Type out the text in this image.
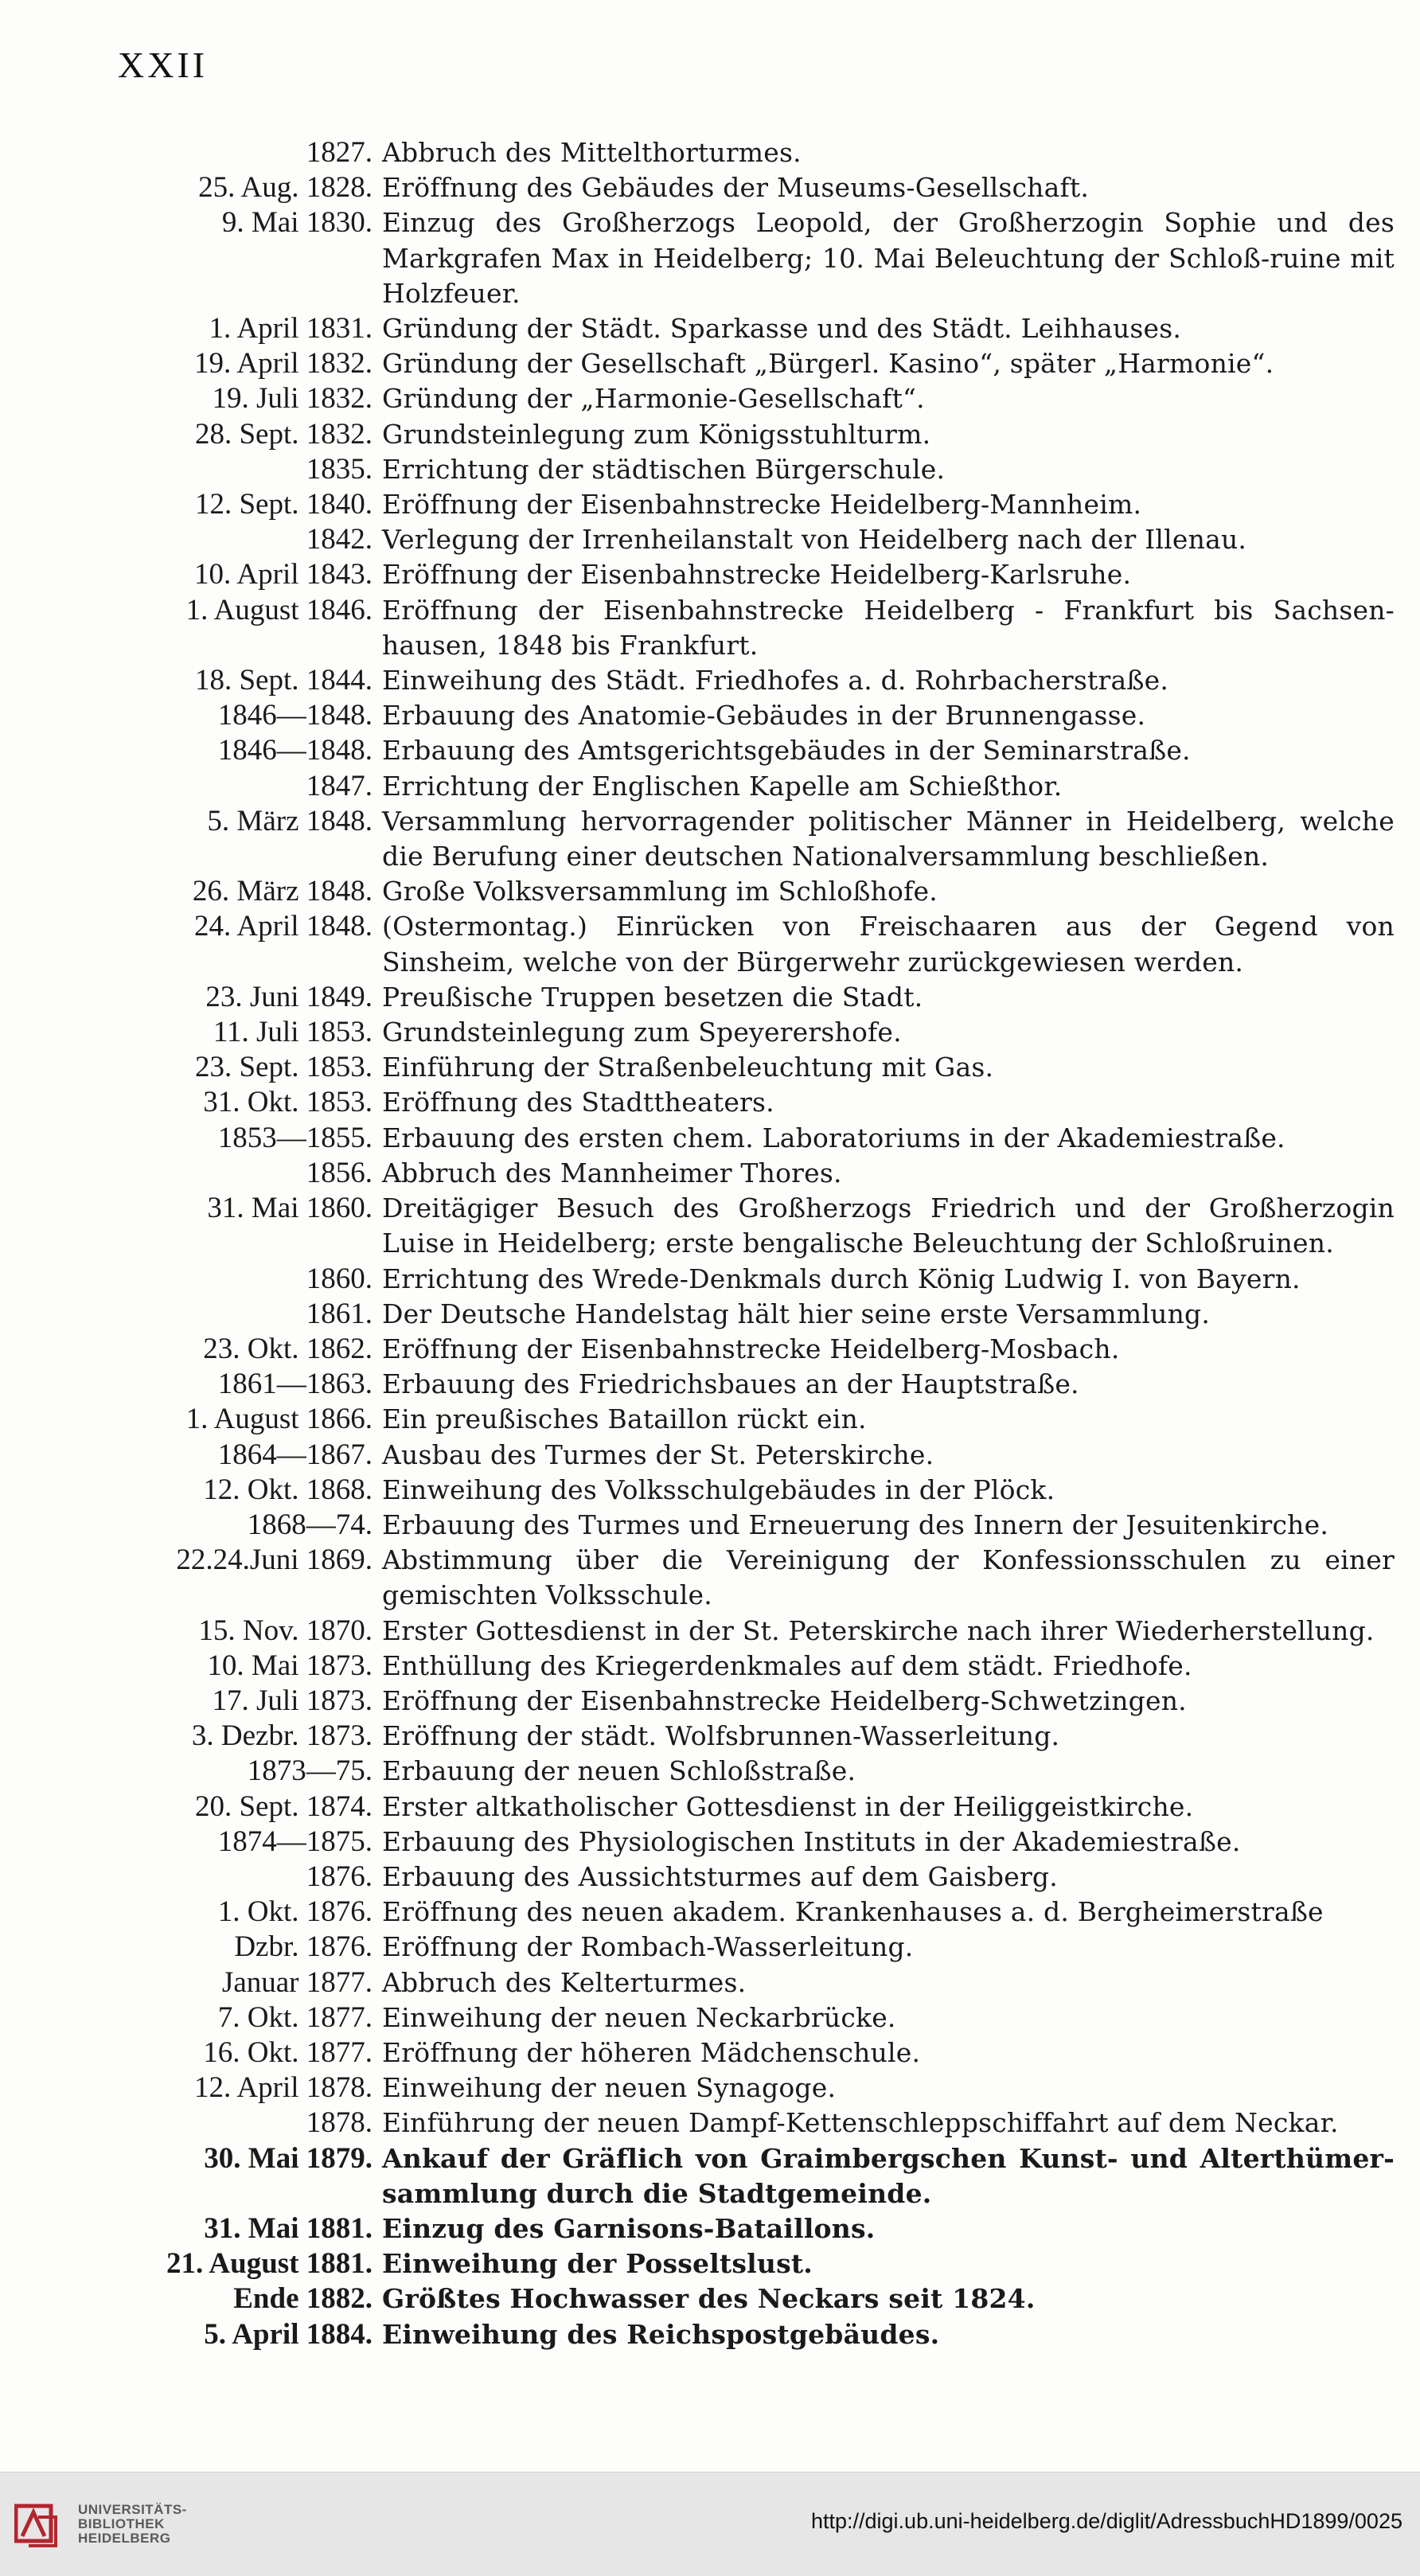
XXII
1827. Abbruch des Mittelthorturmes.
25. Aug. 1828. Eröffnung des Gebäudes der Museums-Gesellschaft.
9. Mai 1830. Einzug des Großherzogs Leopold, der Großherzogin Sophie und des Markgrafen Max in Heidelberg; 10. Mai Beleuchtung der Schloß-ruine mit Holzfeuer.
1. April 1831. Gründung der Städt. Sparkasse und des Städt. Leihhauses.
19. April 1832. Gründung der Gesellschaft „Bürgerl. Kasino“, später „Harmonie“.
19. Juli 1832. Gründung der „Harmonie-Gesellschaft“.
28. Sept. 1832. Grundsteinlegung zum Königsstuhlturm.
1835. Errichtung der städtischen Bürgerschule.
12. Sept. 1840. Eröffnung der Eisenbahnstrecke Heidelberg-Mannheim.
1842. Verlegung der Irrenheilanstalt von Heidelberg nach der Illenau.
10. April 1843. Eröffnung der Eisenbahnstrecke Heidelberg-Karlsruhe.
1. August 1846. Eröffnung der Eisenbahnstrecke Heidelberg - Frankfurt bis Sachsen-hausen, 1848 bis Frankfurt.
18. Sept. 1844. Einweihung des Städt. Friedhofes a. d. Rohrbacherstraße.
1846—1848. Erbauung des Anatomie-Gebäudes in der Brunnengasse.
1846—1848. Erbauung des Amtsgerichtsgebäudes in der Seminarstraße.
1847. Errichtung der Englischen Kapelle am Schießthor.
5. März 1848. Versammlung hervorragender politischer Männer in Heidelberg, welche die Berufung einer deutschen Nationalversammlung beschließen.
26. März 1848. Große Volksversammlung im Schloßhofe.
24. April 1848. (Ostermontag.) Einrücken von Freischaaren aus der Gegend von Sinsheim, welche von der Bürgerwehr zurückgewiesen werden.
23. Juni 1849. Preußische Truppen besetzen die Stadt.
11. Juli 1853. Grundsteinlegung zum Speyerershofe.
23. Sept. 1853. Einführung der Straßenbeleuchtung mit Gas.
31. Okt. 1853. Eröffnung des Stadttheaters.
1853—1855. Erbauung des ersten chem. Laboratoriums in der Akademiestraße.
1856. Abbruch des Mannheimer Thores.
31. Mai 1860. Dreitägiger Besuch des Großherzogs Friedrich und der Großherzogin Luise in Heidelberg; erste bengalische Beleuchtung der Schloßruinen.
1860. Errichtung des Wrede-Denkmals durch König Ludwig I. von Bayern.
1861. Der Deutsche Handelstag hält hier seine erste Versammlung.
23. Okt. 1862. Eröffnung der Eisenbahnstrecke Heidelberg-Mosbach.
1861—1863. Erbauung des Friedrichsbaues an der Hauptstraße.
1. August 1866. Ein preußisches Bataillon rückt ein.
1864—1867. Ausbau des Turmes der St. Peterskirche.
12. Okt. 1868. Einweihung des Volksschulgebäudes in der Plöck.
1868—74. Erbauung des Turmes und Erneuerung des Innern der Jesuitenkirche.
22.24.Juni 1869. Abstimmung über die Vereinigung der Konfessionsschulen zu einer gemischten Volksschule.
15. Nov. 1870. Erster Gottesdienst in der St. Peterskirche nach ihrer Wiederherstellung.
10. Mai 1873. Enthüllung des Kriegerdenkmales auf dem städt. Friedhofe.
17. Juli 1873. Eröffnung der Eisenbahnstrecke Heidelberg-Schwetzingen.
3. Dezbr. 1873. Eröffnung der städt. Wolfsbrunnen-Wasserleitung.
1873—75. Erbauung der neuen Schloßstraße.
20. Sept. 1874. Erster altkatholischer Gottesdienst in der Heiliggeistkirche.
1874—1875. Erbauung des Physiologischen Instituts in der Akademiestraße.
1876. Erbauung des Aussichtsturmes auf dem Gaisberg.
1. Okt. 1876. Eröffnung des neuen akadem. Krankenhauses a. d. Bergheimerstraße
Dzbr. 1876. Eröffnung der Rombach-Wasserleitung.
Januar 1877. Abbruch des Kelterturmes.
7. Okt. 1877. Einweihung der neuen Neckarbrücke.
16. Okt. 1877. Eröffnung der höheren Mädchenschule.
12. April 1878. Einweihung der neuen Synagoge.
1878. Einführung der neuen Dampf-Kettenschleppschiffahrt auf dem Neckar.
30. Mai 1879. Ankauf der Gräflich von Graimbergschen Kunst- und Alterthümer-sammlung durch die Stadtgemeinde.
31. Mai 1881. Einzug des Garnisons-Bataillons.
21. August 1881. Einweihung der Posseltslust.
Ende 1882. Größtes Hochwasser des Neckars seit 1824.
5. April 1884. Einweihung des Reichspostgebäudes.
UNIVERSITÄTS-
BIBLIOTHEK
HEIDELBERG
http://digi.ub.uni-heidelberg.de/diglit/AdressbuchHD1899/0025
